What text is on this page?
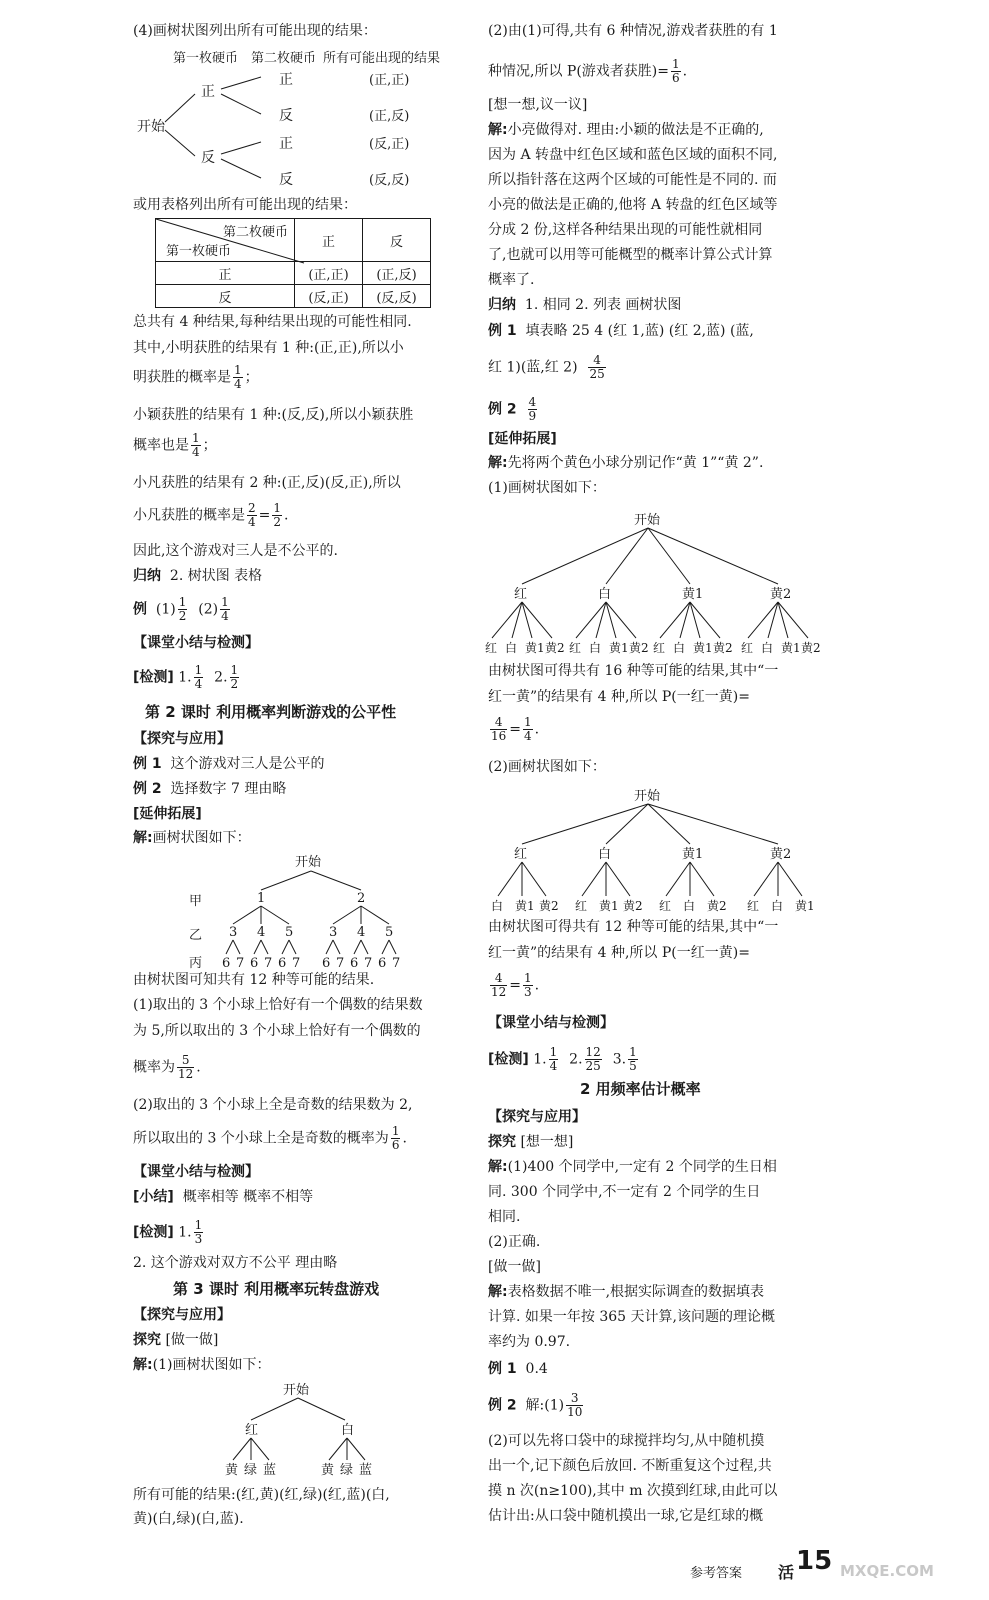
(4)画树状图列出所有可能出现的结果：
第一枚硬币 第二枚硬币 所有可能出现的结果
开始
正
反
正
反
正
反
(正,正)
(正,反)
(反,正)
(反,反)
或用表格列出所有可能出现的结果：
第二枚硬币
第一枚硬币	正	反
正	(正,正)	(正,反)
反	(反,正)	(反,反)
总共有 4 种结果,每种结果出现的可能性相同.
其中,小明获胜的结果有 1 种:(正,正),所以小
明获胜的概率是 $\frac{1}{4}$ ；
小颖获胜的结果有 1 种:(反,反),所以小颖获胜
概率也是 $\frac{1}{4}$ ；
小凡获胜的结果有 2 种:(正,反)(反,正),所以
小凡获胜的概率是 $\frac{2}{4} = \frac{1}{2}$ .
因此,这个游戏对三人是不公平的.
归纳 2. 树状图 表格
例 $(1) \frac{1}{2} (2) \frac{1}{4}$
【课堂小结与检测】
[检测] 1. $\frac{1}{4} 2$. $\frac{1}{2}$
第 2 课时 利用概率判断游戏的公平性
【探究与应用】
例 1 这个游戏对三人是公平的
例 2 选择数字 7 理由略
[延伸拓展]
解:画树状图如下：
开始
甲
乙
丙
1	2
3
6 7
4
6 7
5
6 7
3
6 7
4
6 7
5
6 7
由树状图可知共有 12 种等可能的结果.
(1)取出的 3 个小球上恰好有一个偶数的结果数
为 5,所以取出的 3 个小球上恰好有一个偶数的
概率为 $\frac{5}{12}$ .
(2)取出的 3 个小球上全是奇数的结果数为 2,
所以取出的 3 个小球上全是奇数的概率为 $\frac{1}{6}$ .
【课堂小结与检测】
[小结] 概率相等 概率不相等
[检测] 1. $\frac{1}{3}$
2. 这个游戏对双方不公平 理由略
第 3 课时 利用概率玩转盘游戏
【探究与应用】
探究 [做一做]
解:(1)画树状图如下：
开始
红	白
黄 绿 蓝	黄 绿 蓝
所有可能的结果:(红,黄)(红,绿)(红,蓝)(白,
黄)(白,绿)(白,蓝).
(2)由(1)可得,共有 6 种情况,游戏者获胜的有 1
种情况,所以 P(游戏者获胜)= $\frac{1}{6}$ .
[想一想,议一议]
解:小亮做得对. 理由:小颖的做法是不正确的,
因为 A 转盘中红色区域和蓝色区域的面积不同,
所以指针落在这两个区域的可能性是不同的. 而
小亮的做法是正确的,他将 A 转盘的红色区域等
分成 2 份,这样各种结果出现的可能性就相同
了,也就可以用等可能概型的概率计算公式计算
概率了.
归纳 1. 相同 2. 列表 画树状图
例 1 填表略 25 4 (红 1,蓝) (红 2,蓝) (蓝,
红 1)(蓝,红 $2) \frac{4}{25}$
例 $2 \frac{4}{9}$
[延伸拓展]
解:先将两个黄色小球分别记作“黄 1”“黄 2”.
(1)画树状图如下：
开始
红
红 白 黄1 黄2
白
红 白 黄1 黄2
黄1
红 白 黄1 黄2
黄2
红 白 黄1 黄2
由树状图可得共有 16 种等可能的结果,其中“一
红一黄”的结果有 4 种,所以 P(一红一黄)=
$\frac{4}{16} = \frac{1}{4}$ .
(2)画树状图如下：
开始
红
白 黄1 黄2
白
红 黄1 黄2
黄1
红 白 黄2
黄2
红 白 黄1
由树状图可得共有 12 种等可能的结果,其中“一
红一黄”的结果有 4 种,所以 P(一红一黄)=
$\frac{4}{12} = \frac{1}{3}$ .
【课堂小结与检测】
[检测] 1. $\frac{1}{4} 2$. $\frac{12}{25} 3$. $\frac{1}{5}$
2 用频率估计概率
【探究与应用】
探究 [想一想]
解:(1)400 个同学中,一定有 2 个同学的生日相
同. 300 个同学中,不一定有 2 个同学的生日
相同.
(2)正确.
[做一做]
解:表格数据不唯一,根据实际调查的数据填表
计算. 如果一年按 365 天计算,该问题的理论概
率约为 0.97.
例 1 0.4
例 2 解:(1) $\frac{3}{10}$
(2)可以先将口袋中的球搅拌均匀,从中随机摸
出一个,记下颜色后放回. 不断重复这个过程,共
摸 n 次(n≥100),其中 m 次摸到红球,由此可以
估计出:从口袋中随机摸出一球,它是红球的概
参考答案 活 15 MXQE.COM
